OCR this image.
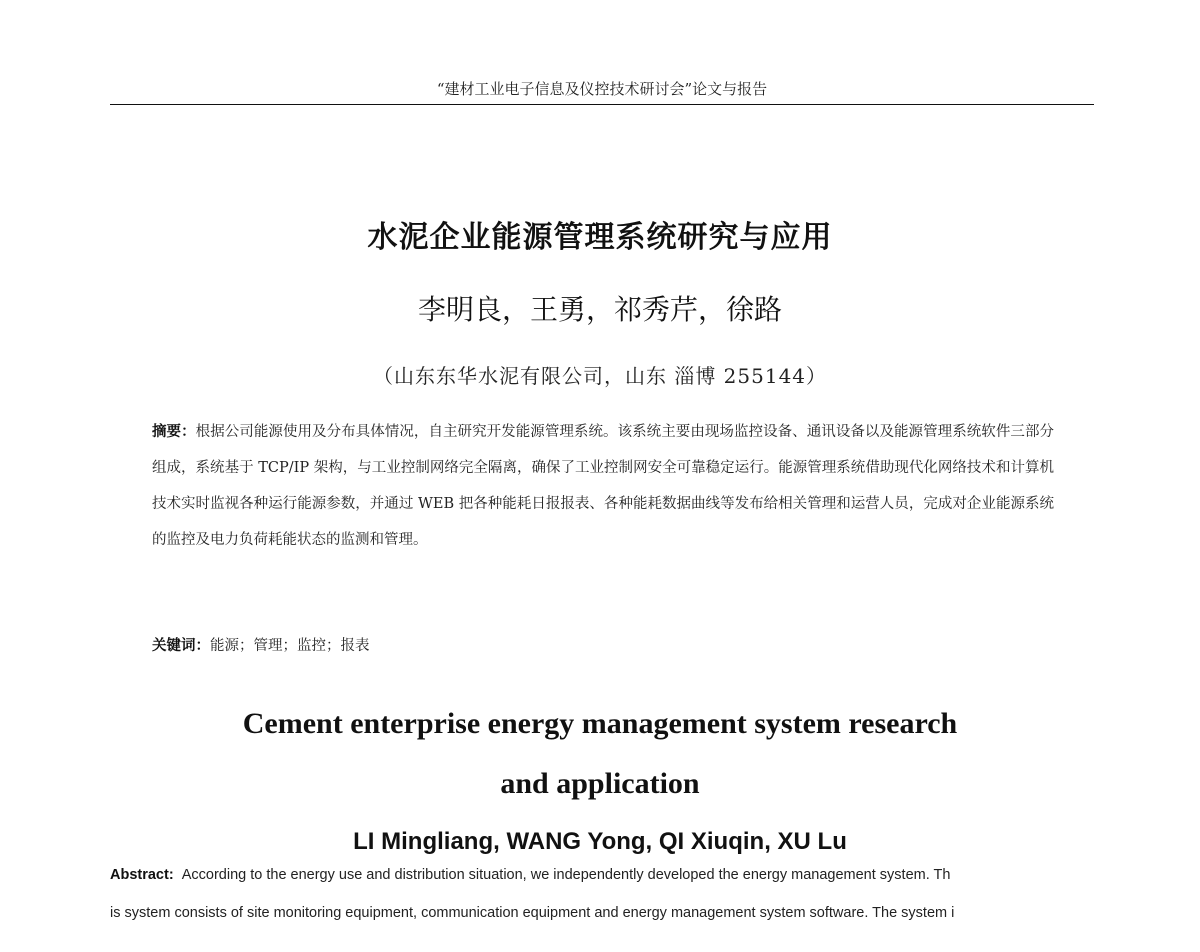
“建材工业电子信息及仪控技术研讨会”论文与报告
水泥企业能源管理系统研究与应用
李明良，王勇，祁秀芹，徐路
（山东东华水泥有限公司，山东 淄博 255144）
摘要：根据公司能源使用及分布具体情况，自主研究开发能源管理系统。该系统主要由现场监控设备、通讯设备以及能源管理系统软件三部分组成，系统基于 TCP/IP 架构，与工业控制网络完全隔离，确保了工业控制网安全可靠稳定运行。能源管理系统借助现代化网络技术和计算机技术实时监视各种运行能源参数，并通过 WEB 把各种能耗日报报表、各种能耗数据曲线等发布给相关管理和运营人员，完成对企业能源系统的监控及电力负荷耗能状态的监测和管理。
关键词：能源；管理；监控；报表
Cement enterprise energy management system research
and application
LI Mingliang, WANG Yong, QI Xiuqin, XU Lu
Abstract: According to the energy use and distribution situation, we independently developed the energy management system. Th
is system consists of site monitoring equipment, communication equipment and energy management system software. The system i
